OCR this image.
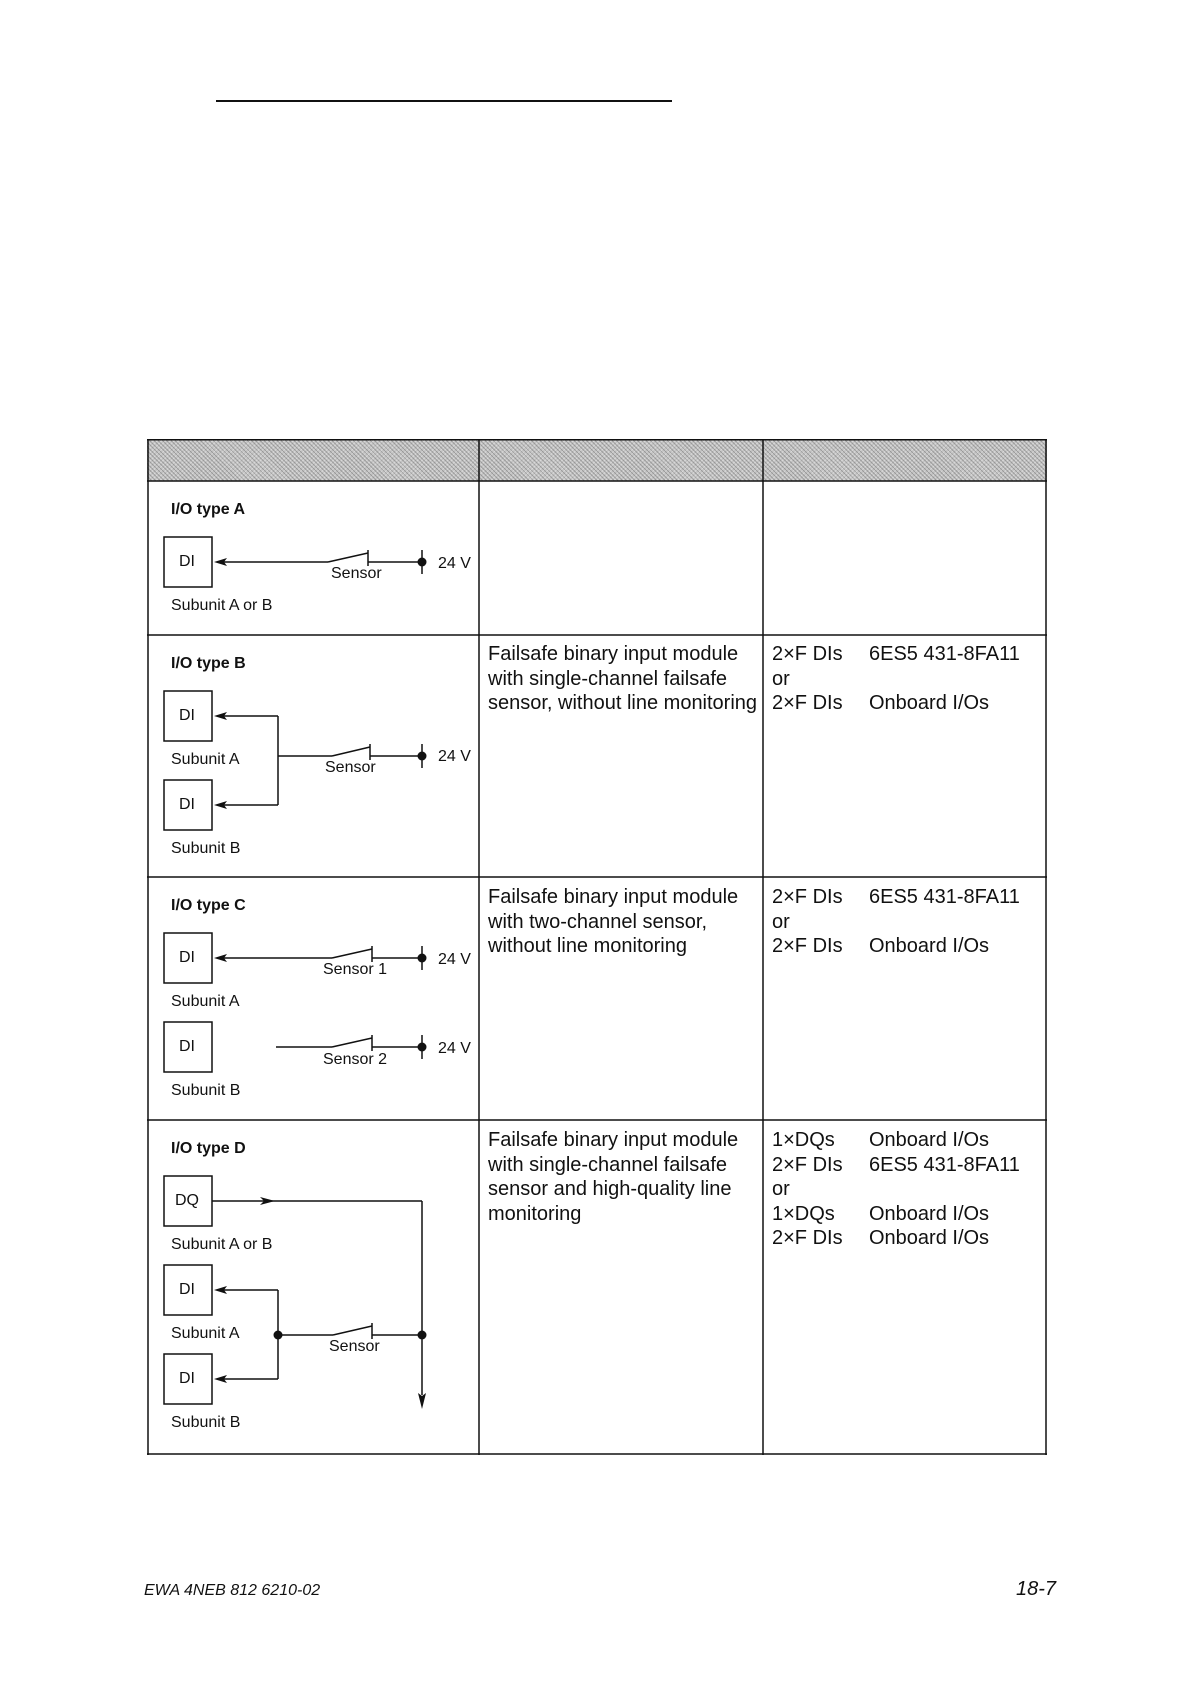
I/O type A
DI
Sensor
24 V
Subunit A or B
I/O type B
DI
Subunit A
DI
Subunit B
Sensor
24 V
Failsafe binary input module with single-channel failsafe sensor, without line monitoring
2×F DIs	6ES5 431-8FA11
or
2×F DIs	Onboard I/Os
I/O type C
DI
Subunit A
DI
Subunit B
Sensor 1
Sensor 2
24 V
24 V
Failsafe binary input module with two-channel sensor, without line monitoring
2×F DIs	6ES5 431-8FA11
or
2×F DIs	Onboard I/Os
I/O type D
DQ
Subunit A or B
DI
Subunit A
DI
Subunit B
Sensor
Failsafe binary input module with single-channel failsafe sensor and high-quality line monitoring
1×DQs	Onboard I/Os
2×F DIs	6ES5 431-8FA11
or
1×DQs	Onboard I/Os
2×F DIs	Onboard I/Os
EWA 4NEB 812 6210-02	18-7
